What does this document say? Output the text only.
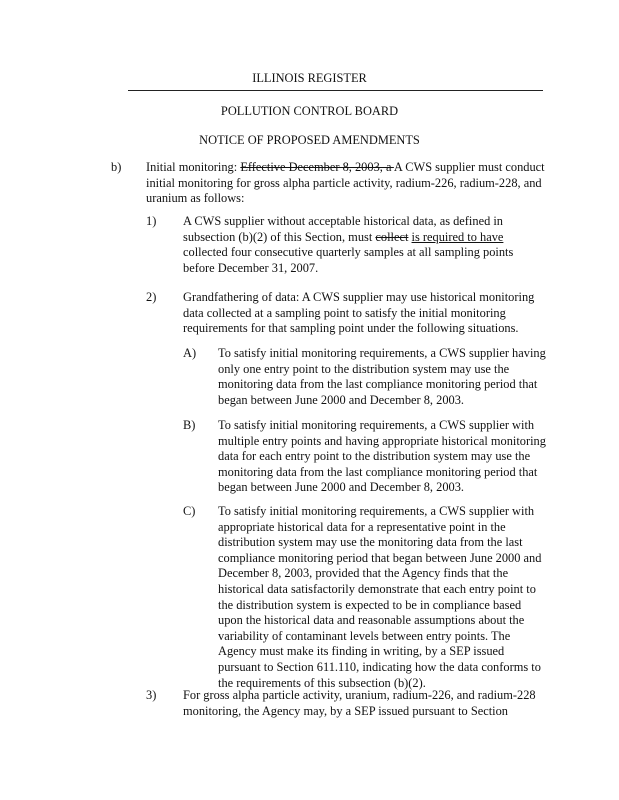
ILLINOIS REGISTER
POLLUTION CONTROL BOARD
NOTICE OF PROPOSED AMENDMENTS
b) Initial monitoring: Effective December 8, 2003, a A CWS supplier must conduct initial monitoring for gross alpha particle activity, radium-226, radium-228, and uranium as follows:
1) A CWS supplier without acceptable historical data, as defined in subsection (b)(2) of this Section, must collect is required to have collected four consecutive quarterly samples at all sampling points before December 31, 2007.
2) Grandfathering of data: A CWS supplier may use historical monitoring data collected at a sampling point to satisfy the initial monitoring requirements for that sampling point under the following situations.
A) To satisfy initial monitoring requirements, a CWS supplier having only one entry point to the distribution system may use the monitoring data from the last compliance monitoring period that began between June 2000 and December 8, 2003.
B) To satisfy initial monitoring requirements, a CWS supplier with multiple entry points and having appropriate historical monitoring data for each entry point to the distribution system may use the monitoring data from the last compliance monitoring period that began between June 2000 and December 8, 2003.
C) To satisfy initial monitoring requirements, a CWS supplier with appropriate historical data for a representative point in the distribution system may use the monitoring data from the last compliance monitoring period that began between June 2000 and December 8, 2003, provided that the Agency finds that the historical data satisfactorily demonstrate that each entry point to the distribution system is expected to be in compliance based upon the historical data and reasonable assumptions about the variability of contaminant levels between entry points. The Agency must make its finding in writing, by a SEP issued pursuant to Section 611.110, indicating how the data conforms to the requirements of this subsection (b)(2).
3) For gross alpha particle activity, uranium, radium-226, and radium-228 monitoring, the Agency may, by a SEP issued pursuant to Section
